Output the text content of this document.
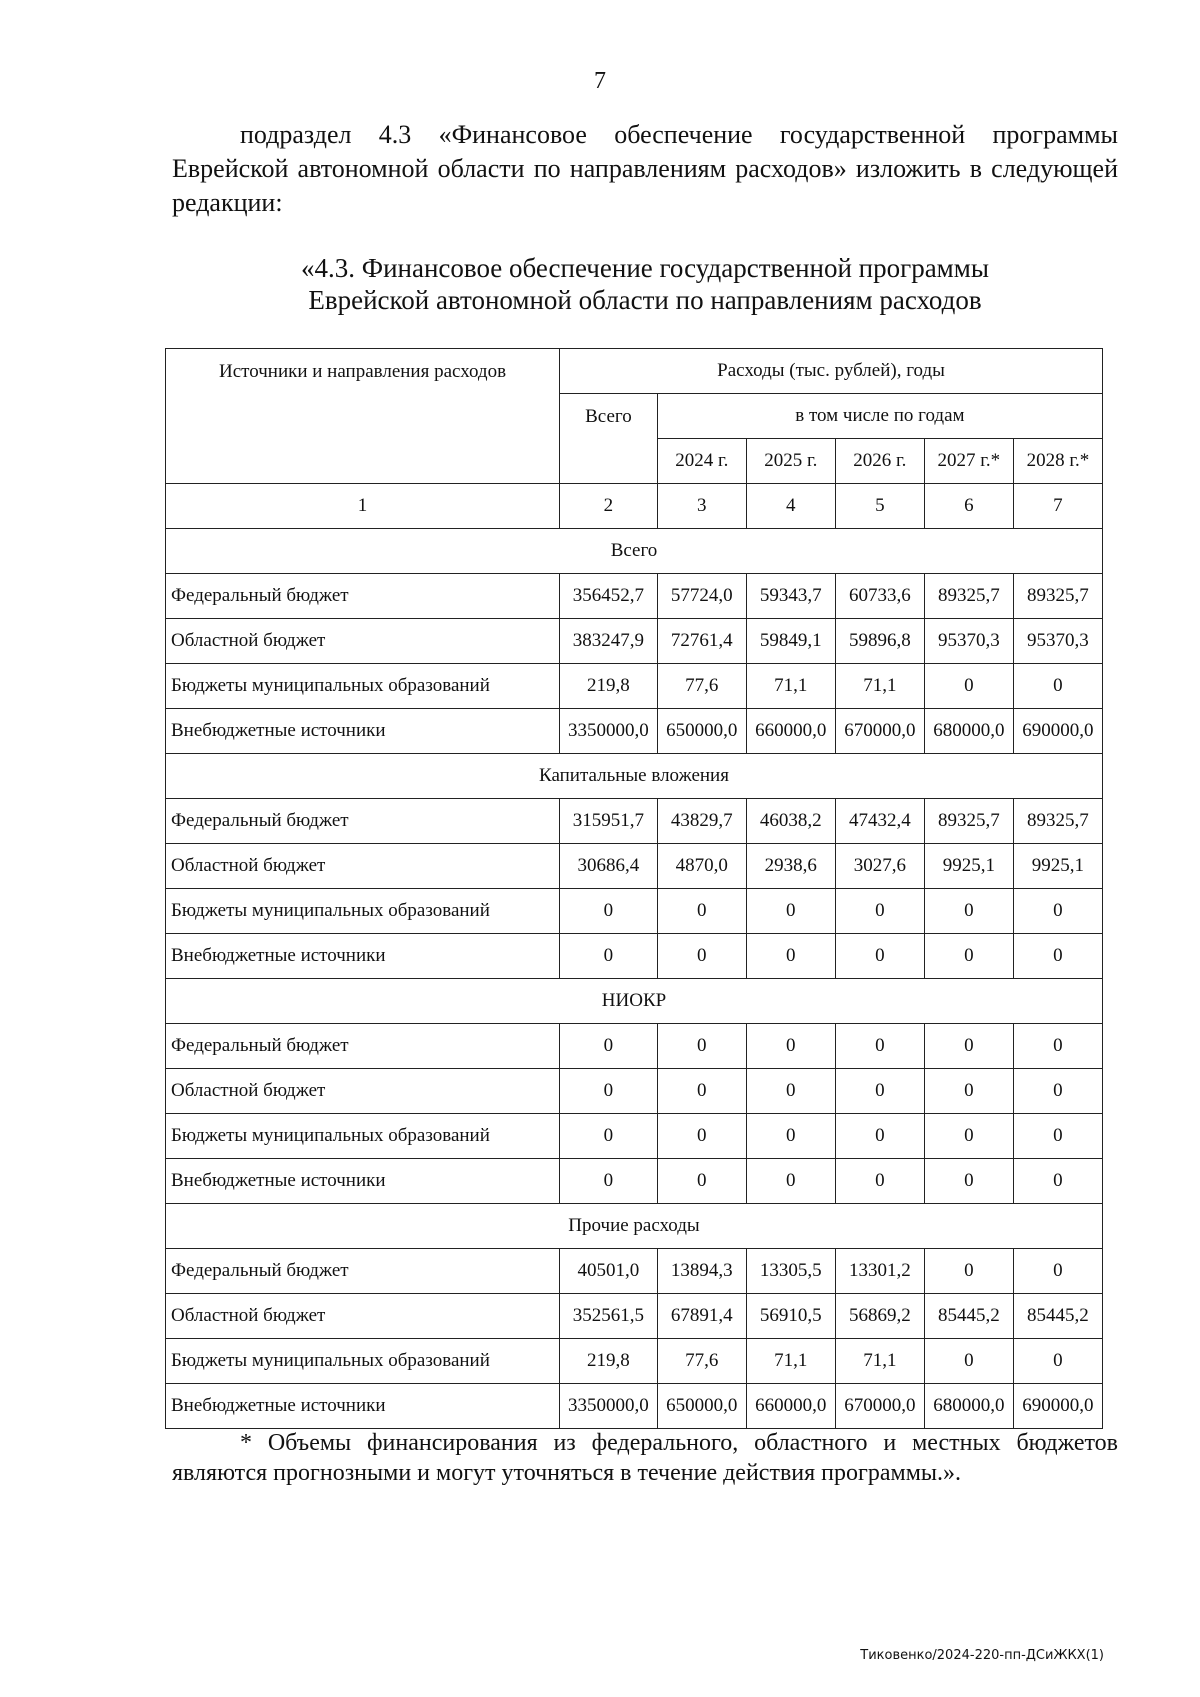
7

подраздел 4.3 «Финансовое обеспечение государственной программы Еврейской автономной области по направлениям расходов» изложить в следующей редакции:

«4.3. Финансовое обеспечение государственной программы
Еврейской автономной области по направлениям расходов
Источники и направления расходов	Расходы (тыс. рублей), годы					
	Всего	в том числе по годам				
		2024 г.	2025 г.	2026 г.	2027 г.*	2028 г.*
1	2	3	4	5	6	7
Всего						
Федеральный бюджет	356452,7	57724,0	59343,7	60733,6	89325,7	89325,7
Областной бюджет	383247,9	72761,4	59849,1	59896,8	95370,3	95370,3
Бюджеты муниципальных образований	219,8	77,6	71,1	71,1	0	0
Внебюджетные источники	3350000,0	650000,0	660000,0	670000,0	680000,0	690000,0
Капитальные вложения						
Федеральный бюджет	315951,7	43829,7	46038,2	47432,4	89325,7	89325,7
Областной бюджет	30686,4	4870,0	2938,6	3027,6	9925,1	9925,1
Бюджеты муниципальных образований	0	0	0	0	0	0
Внебюджетные источники	0	0	0	0	0	0
НИОКР						
Федеральный бюджет	0	0	0	0	0	0
Областной бюджет	0	0	0	0	0	0
Бюджеты муниципальных образований	0	0	0	0	0	0
Внебюджетные источники	0	0	0	0	0	0
Прочие расходы						
Федеральный бюджет	40501,0	13894,3	13305,5	13301,2	0	0
Областной бюджет	352561,5	67891,4	56910,5	56869,2	85445,2	85445,2
Бюджеты муниципальных образований	219,8	77,6	71,1	71,1	0	0
Внебюджетные источники	3350000,0	650000,0	660000,0	670000,0	680000,0	690000,0

* Объемы финансирования из федерального, областного и местных бюджетов являются прогнозными и могут уточняться в течение действия программы.».

Тиковенко/2024-220-пп-ДСиЖКХ(1)
